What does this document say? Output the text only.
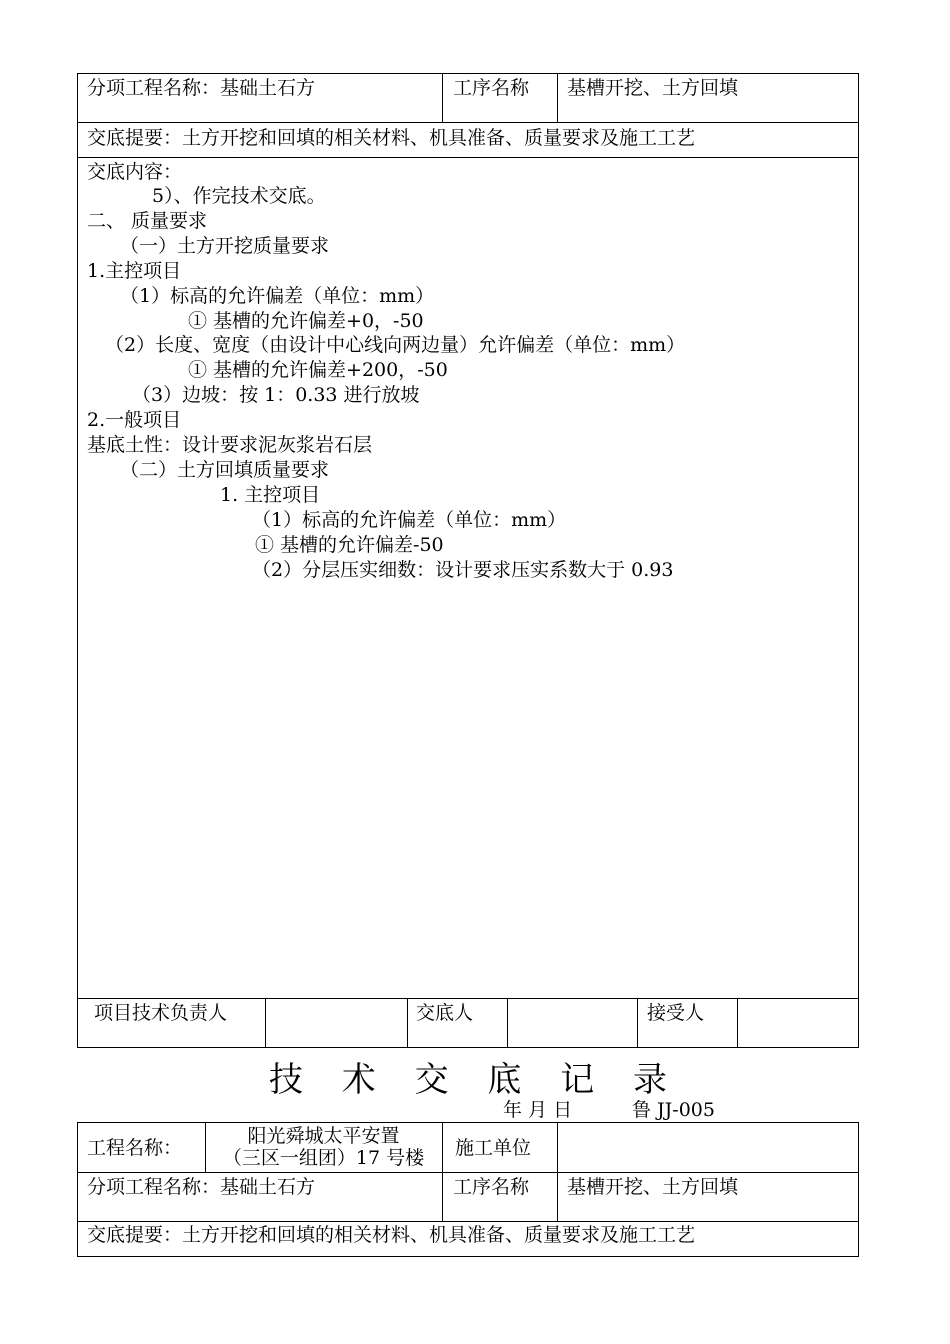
分项工程名称：基础土石方	工序名称 基槽开挖、土方回填
交底提要：土方开挖和回填的相关材料、机具准备、质量要求及施工工艺
交底内容：
5）、作完技术交底。
二、 质量要求
（一）土方开挖质量要求
1.主控项目
（1）标高的允许偏差（单位：mm）
① 基槽的允许偏差+0，-50
（2）长度、宽度（由设计中心线向两边量）允许偏差（单位：mm）
① 基槽的允许偏差+200，-50
（3）边坡：按 1：0.33 进行放坡
2.一般项目
基底土性：设计要求泥灰浆岩石层
（二）土方回填质量要求
1. 主控项目
（1）标高的允许偏差（单位：mm）
① 基槽的允许偏差-50
（2）分层压实细数：设计要求压实系数大于 0.93
项目技术负责人	交底人	接受人
技 术 交 底 记 录
年 月 日	鲁 JJ-005
工程名称：
阳光舜城太平安置
（三区一组团）17 号楼	施工单位
分项工程名称：基础土石方	工序名称 基槽开挖、土方回填
交底提要：土方开挖和回填的相关材料、机具准备、质量要求及施工工艺
